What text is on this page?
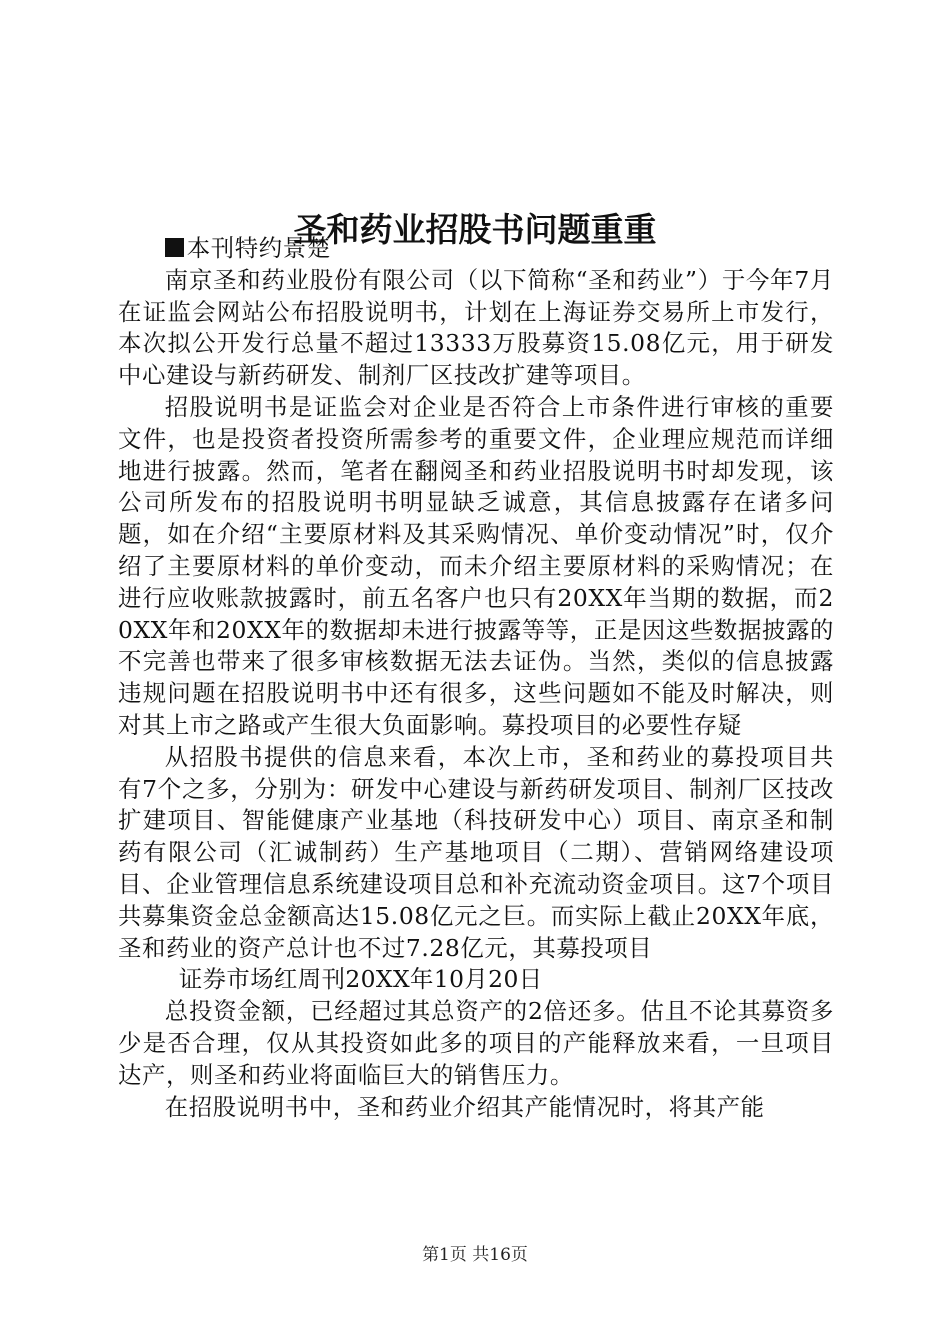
圣和药业招股书问题重重

本刊特约景楚

南京圣和药业股份有限公司（以下简称“圣和药业”）于今年7月在证监会网站公布招股说明书，计划在上海证券交易所上市发行，本次拟公开发行总量不超过13333万股募资15.08亿元，用于研发中心建设与新药研发、制剂厂区技改扩建等项目。

招股说明书是证监会对企业是否符合上市条件进行审核的重要文件，也是投资者投资所需参考的重要文件，企业理应规范而详细地进行披露。然而，笔者在翻阅圣和药业招股说明书时却发现，该公司所发布的招股说明书明显缺乏诚意，其信息披露存在诸多问题，如在介绍“主要原材料及其采购情况、单价变动情况”时，仅介绍了主要原材料的单价变动，而未介绍主要原材料的采购情况；在进行应收账款披露时，前五名客户也只有20XX年当期的数据，而20XX年和20XX年的数据却未进行披露等等，正是因这些数据披露的不完善也带来了很多审核数据无法去证伪。当然，类似的信息披露违规问题在招股说明书中还有很多，这些问题如不能及时解决，则对其上市之路或产生很大负面影响。募投项目的必要性存疑

从招股书提供的信息来看，本次上市，圣和药业的募投项目共有7个之多，分别为：研发中心建设与新药研发项目、制剂厂区技改扩建项目、智能健康产业基地（科技研发中心）项目、南京圣和制药有限公司（汇诚制药）生产基地项目（二期）、营销网络建设项目、企业管理信息系统建设项目总和补充流动资金项目。这7个项目共募集资金总金额高达15.08亿元之巨。而实际上截止20XX年底，圣和药业的资产总计也不过7.28亿元，其募投项目

证券市场红周刊20XX年10月20日

总投资金额，已经超过其总资产的2倍还多。估且不论其募资多少是否合理，仅从其投资如此多的项目的产能释放来看，一旦项目达产，则圣和药业将面临巨大的销售压力。

在招股说明书中，圣和药业介绍其产能情况时，将其产能

第1页 共16页
